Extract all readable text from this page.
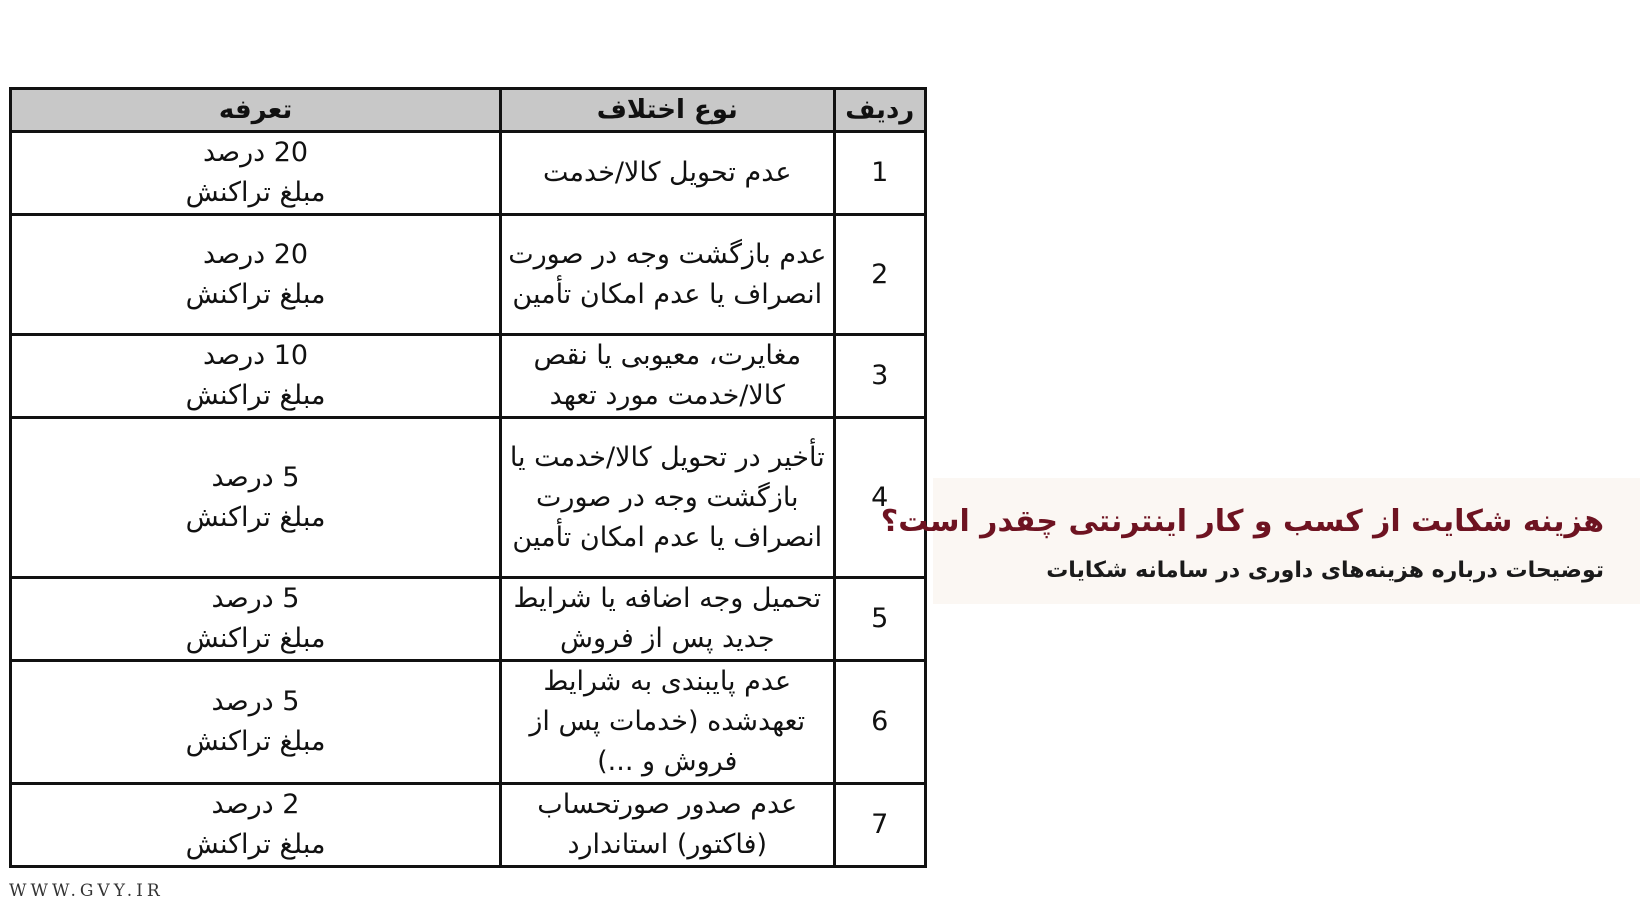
ردیف	نوع اختلاف	تعرفه
1	عدم تحویل کالا/خدمت	20 درصد
مبلغ تراکنش

2	عدم بازگشت وجه در صورت انصراف یا عدم امکان تأمین	20 درصد
مبلغ تراکنش

3	مغایرت، معیوبی یا نقص کالا/خدمت مورد تعهد	10 درصد
مبلغ تراکنش

4	تأخیر در تحویل کالا/خدمت یا بازگشت وجه در صورت انصراف یا عدم امکان تأمین	5 درصد
مبلغ تراکنش

5	تحمیل وجه اضافه یا شرایط جدید پس از فروش	5 درصد
مبلغ تراکنش

6	عدم پایبندی به شرایط تعهدشده (خدمات پس از فروش و ...)	5 درصد
مبلغ تراکنش

7	عدم صدور صورتحساب (فاکتور) استاندارد	2 درصد
مبلغ تراکنش
هزینه شکایت از کسب و کار اینترنتی چقدر است؟
توضیحات درباره هزینه‌های داوری در سامانه شکایات
WWW.GVY.IR
